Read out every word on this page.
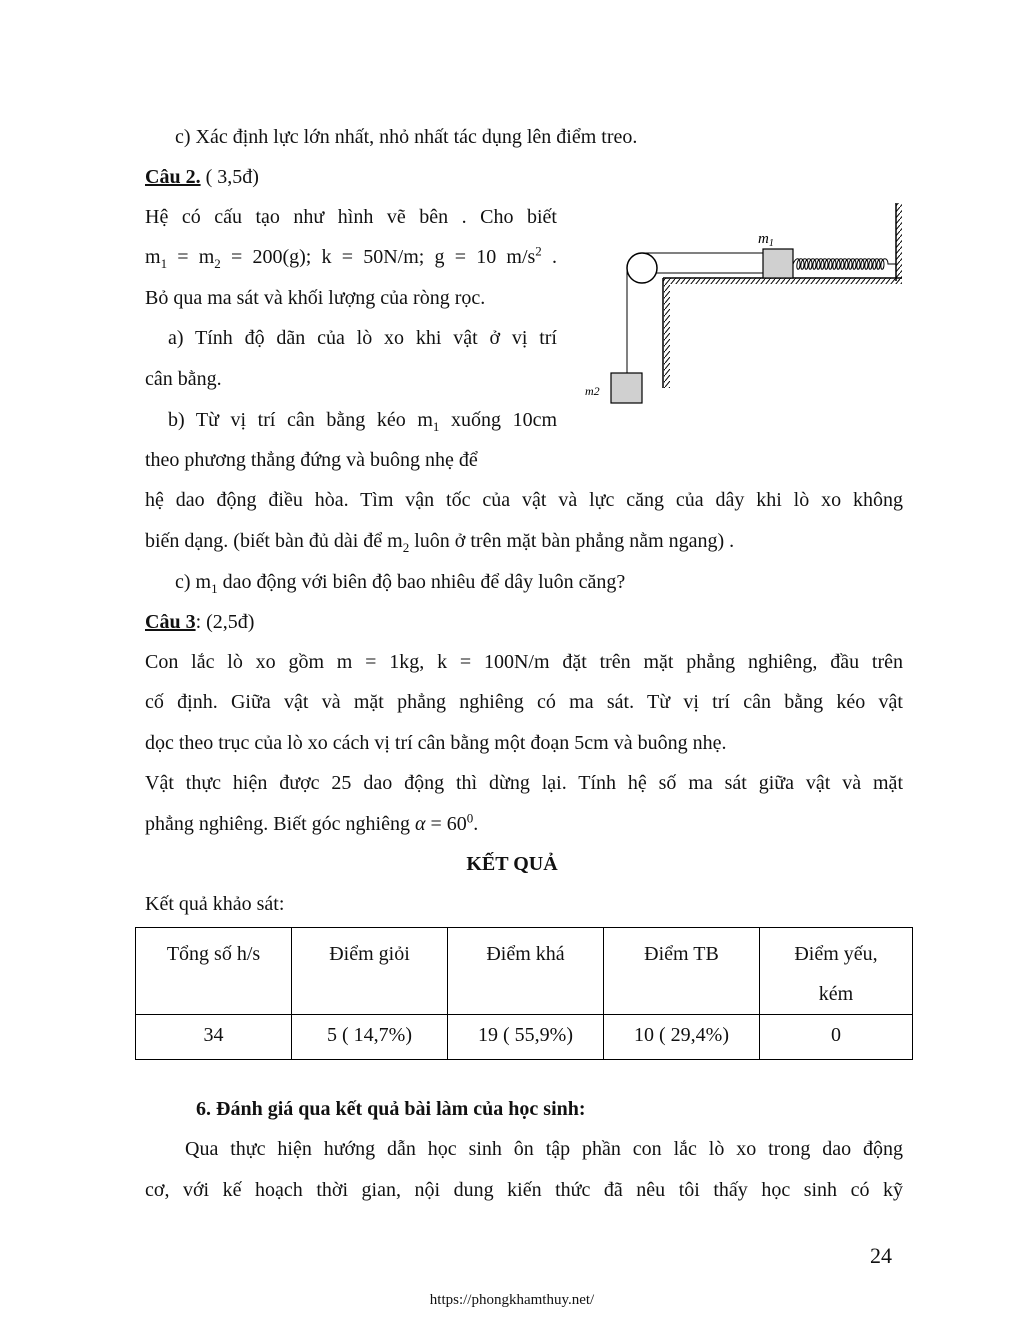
c) Xác định lực lớn nhất, nhỏ nhất tác dụng lên điểm treo.
Câu 2. ( 3,5đ)
Hệ có cấu tạo như hình vẽ bên . Cho biết
$m_1 = m_2 = 200(g)$; k = 50N/m; g = 10 $m/s^2$ .
Bỏ qua ma sát và khối lượng của ròng rọc.
a) Tính độ dãn của lò xo khi vật ở vị trí
cân bằng.
b) Từ vị trí cân bằng kéo $m_1$ xuống 10cm
theo phương thẳng đứng và buông nhẹ để
hệ dao động điều hòa. Tìm vận tốc của vật và lực căng của dây khi lò xo không
biến dạng. (biết bàn đủ dài để $m_2$ luôn ở trên mặt bàn phẳng nằm ngang) .
c) $m_1$ dao động với biên độ bao nhiêu để dây luôn căng?
$m_1$
m2
Câu 3: (2,5đ)
Con lắc lò xo gồm m = 1kg, k = 100N/m đặt trên mặt phẳng nghiêng, đầu trên
cố định. Giữa vật và mặt phẳng nghiêng có ma sát. Từ vị trí cân bằng kéo vật
dọc theo trục của lò xo cách vị trí cân bằng một đoạn 5cm và buông nhẹ.
Vật thực hiện được 25 dao động thì dừng lại. Tính hệ số ma sát giữa vật và mặt
phẳng nghiêng. Biết góc nghiêng $\alpha = 60^0$.
KẾT QUẢ
Kết quả khảo sát:
Tổng số h/s	Điểm giỏi	Điểm khá	Điểm TB	Điểm yếu,
kém
34	5 ( 14,7%)	19 ( 55,9%)	10 ( 29,4%)	0
6. Đánh giá qua kết quả bài làm của học sinh:
Qua thực hiện hướng dẫn học sinh ôn tập phần con lắc lò xo trong dao động
cơ, với kế hoạch thời gian, nội dung kiến thức đã nêu tôi thấy học sinh có kỹ
24
https://phongkhamthuy.net/
